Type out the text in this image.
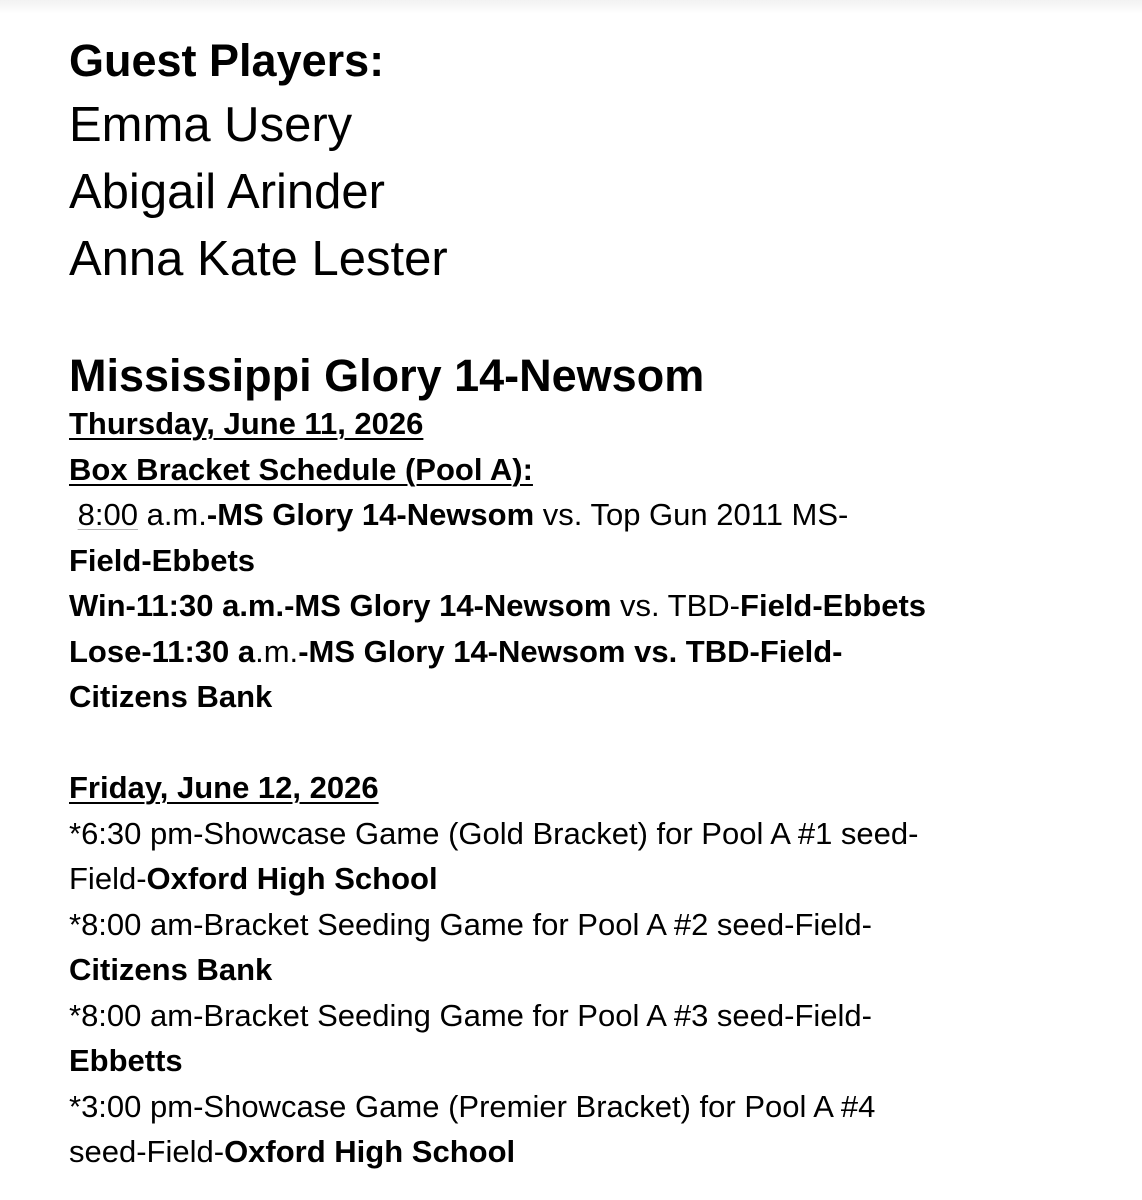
Guest Players:
Emma Usery
Abigail Arinder
Anna Kate Lester
Mississippi Glory 14-Newsom
Thursday, June 11, 2026
Box Bracket Schedule (Pool A):
8:00 a.m.-MS Glory 14-Newsom vs. Top Gun 2011 MS-
Field-Ebbets
Win-11:30 a.m.-MS Glory 14-Newsom vs. TBD-Field-Ebbets
Lose-11:30 a.m.-MS Glory 14-Newsom vs. TBD-Field-
Citizens Bank
Friday, June 12, 2026
*6:30 pm-Showcase Game (Gold Bracket) for Pool A #1 seed-
Field-Oxford High School
*8:00 am-Bracket Seeding Game for Pool A #2 seed-Field-
Citizens Bank
*8:00 am-Bracket Seeding Game for Pool A #3 seed-Field-
Ebbetts
*3:00 pm-Showcase Game (Premier Bracket) for Pool A #4
seed-Field-Oxford High School
